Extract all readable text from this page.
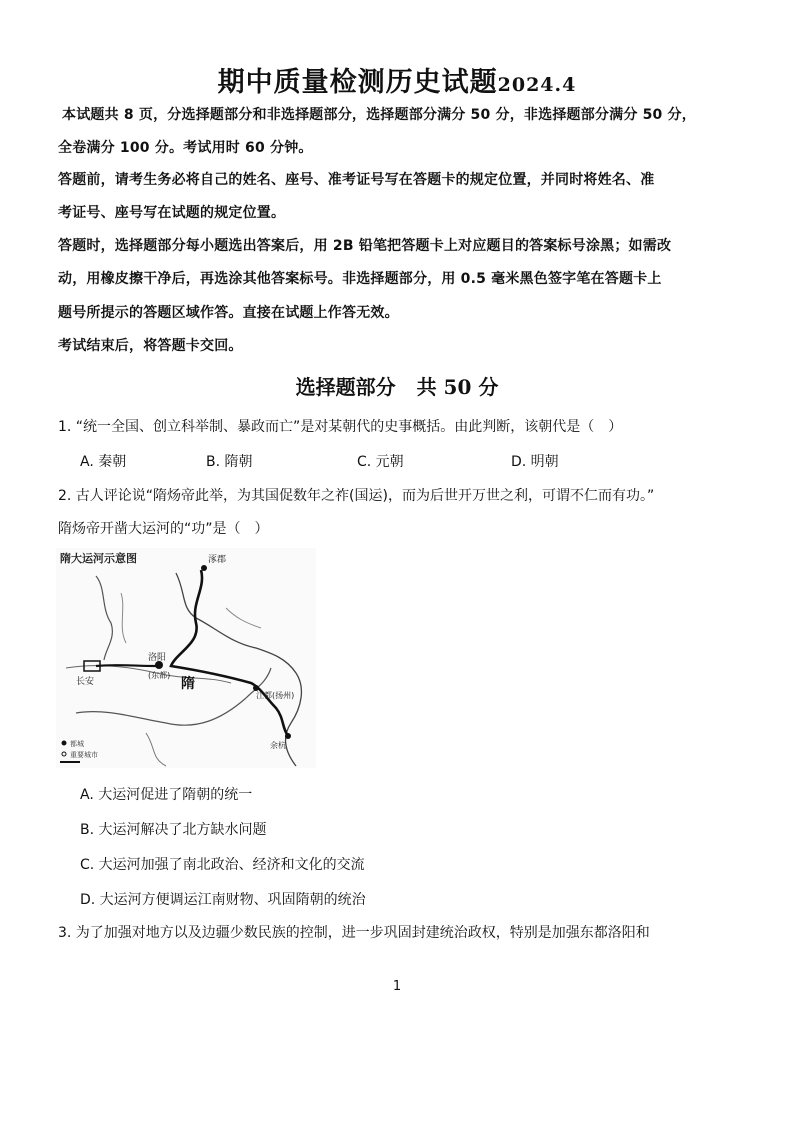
期中质量检测历史试题2024.4
本试题共 8 页，分选择题部分和非选择题部分，选择题部分满分 50 分，非选择题部分满分 50 分，
全卷满分 100 分。考试用时 60 分钟。
答题前，请考生务必将自己的姓名、座号、准考证号写在答题卡的规定位置，并同时将姓名、准
考证号、座号写在试题的规定位置。
答题时，选择题部分每小题选出答案后，用 2B 铅笔把答题卡上对应题目的答案标号涂黑；如需改
动，用橡皮擦干净后，再选涂其他答案标号。非选择题部分，用 0.5 毫米黑色签字笔在答题卡上
题号所提示的答题区域作答。直接在试题上作答无效。
考试结束后，将答题卡交回。
选择题部分 共 50 分
1. “统一全国、创立科举制、暴政而亡”是对某朝代的史事概括。由此判断，该朝代是（　）
A. 秦朝	B. 隋朝	C. 元朝	D. 明朝
2. 古人评论说“隋炀帝此举，为其国促数年之祚(国运)，而为后世开万世之利，可谓不仁而有功。”
隋炀帝开凿大运河的“功”是（　）
隋大运河示意图	涿郡
长安
洛阳
(东都)
隋
江都(扬州)
余杭
都城
重要城市
A. 大运河促进了隋朝的统一
B. 大运河解决了北方缺水问题
C. 大运河加强了南北政治、经济和文化的交流
D. 大运河方便调运江南财物、巩固隋朝的统治
3. 为了加强对地方以及边疆少数民族的控制，进一步巩固封建统治政权，特别是加强东都洛阳和
1
